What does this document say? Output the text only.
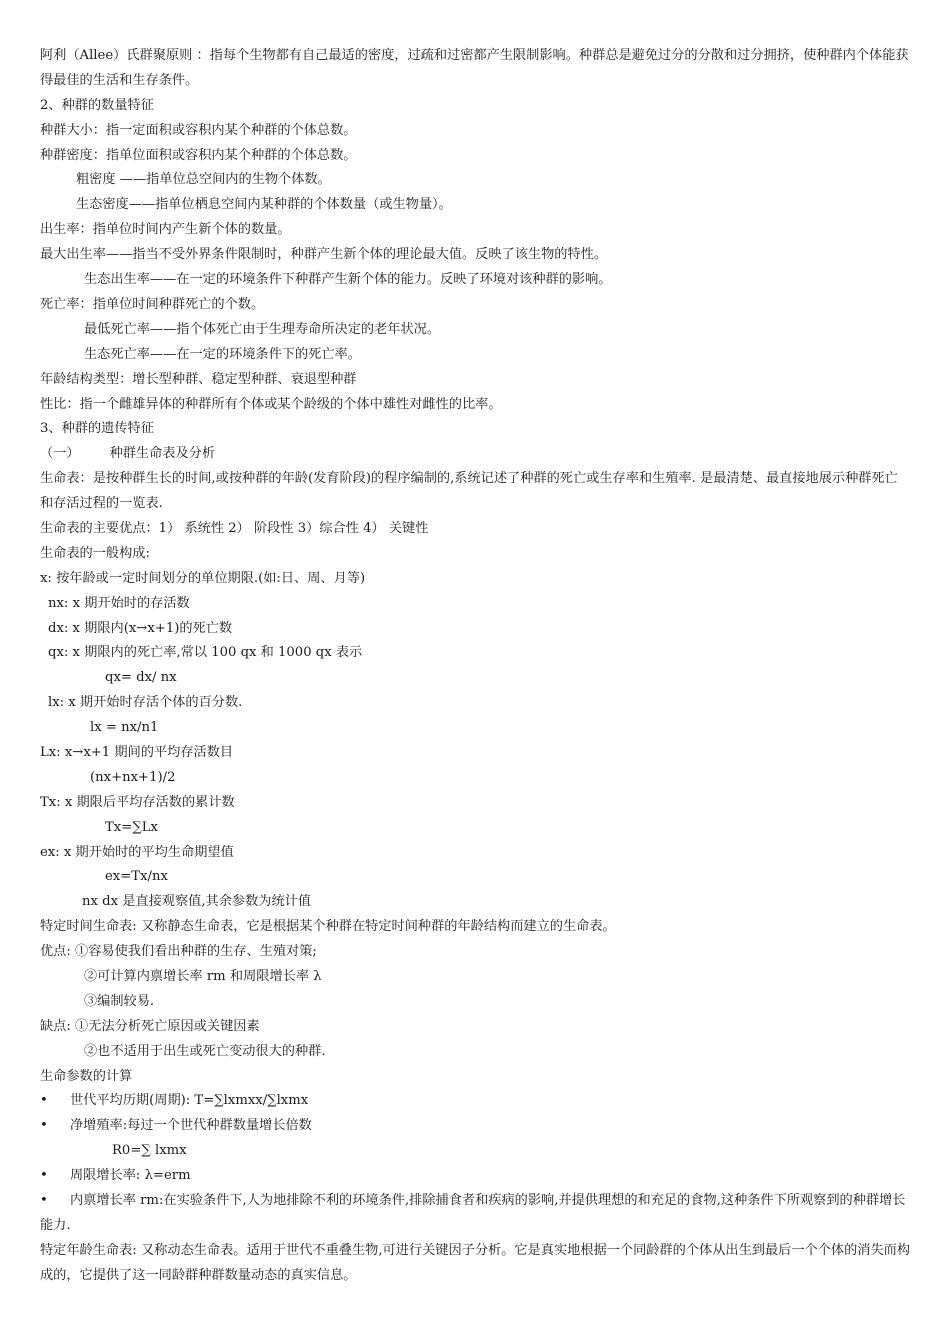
阿利（Allee）氏群聚原则 ：指每个生物都有自己最适的密度，过疏和过密都产生限制影响。种群总是避免过分的分散和过分拥挤，使种群内个体能获得最佳的生活和生存条件。
2、种群的数量特征
种群大小：指一定面积或容积内某个种群的个体总数。
种群密度：指单位面积或容积内某个种群的个体总数。
粗密度 ——指单位总空间内的生物个体数。
生态密度——指单位栖息空间内某种群的个体数量（或生物量）。
出生率：指单位时间内产生新个体的数量。
最大出生率——指当不受外界条件限制时，种群产生新个体的理论最大值。反映了该生物的特性。
生态出生率——在一定的环境条件下种群产生新个体的能力。反映了环境对该种群的影响。
死亡率：指单位时间种群死亡的个数。
最低死亡率——指个体死亡由于生理寿命所决定的老年状况。
生态死亡率——在一定的环境条件下的死亡率。
年龄结构类型：增长型种群、稳定型种群、衰退型种群
性比：指一个雌雄异体的种群所有个体或某个龄级的个体中雄性对雌性的比率。
3、种群的遗传特征
（一） 种群生命表及分析
生命表：是按种群生长的时间,或按种群的年龄(发育阶段)的程序编制的,系统记述了种群的死亡或生存率和生殖率. 是最清楚、最直接地展示种群死亡和存活过程的一览表.
生命表的主要优点：1） 系统性 2） 阶段性 3）综合性 4） 关键性
生命表的一般构成:
x: 按年龄或一定时间划分的单位期限.(如:日、周、月等)
nx: x 期开始时的存活数
dx: x 期限内(x→x+1)的死亡数
qx: x 期限内的死亡率,常以 100 qx 和 1000 qx 表示
qx= dx/ nx
lx: x 期开始时存活个体的百分数.
lx = nx/n1
Lx: x→x+1 期间的平均存活数目
(nx+nx+1)/2
Tx: x 期限后平均存活数的累计数
Tx=∑Lx
ex: x 期开始时的平均生命期望值
ex=Tx/nx
nx dx 是直接观察值,其余参数为统计值
特定时间生命表: 又称静态生命表，它是根据某个种群在特定时间种群的年龄结构而建立的生命表。
优点: ①容易使我们看出种群的生存、生殖对策;
②可计算内禀增长率 rm 和周限增长率 λ
③编制较易.
缺点: ①无法分析死亡原因或关键因素
②也不适用于出生或死亡变动很大的种群.
生命参数的计算
• 世代平均历期(周期): T=∑lxmxx/∑lxmx
• 净增殖率:每过一个世代种群数量增长倍数
R0=∑ lxmx
• 周限增长率: λ=erm
• 内禀增长率 rm:在实验条件下,人为地排除不利的环境条件,排除捕食者和疾病的影响,并提供理想的和充足的食物,这种条件下所观察到的种群增长能力.
特定年龄生命表: 又称动态生命表。适用于世代不重叠生物,可进行关键因子分析。它是真实地根据一个同龄群的个体从出生到最后一个个体的消失而构成的，它提供了这一同龄群种群数量动态的真实信息。
